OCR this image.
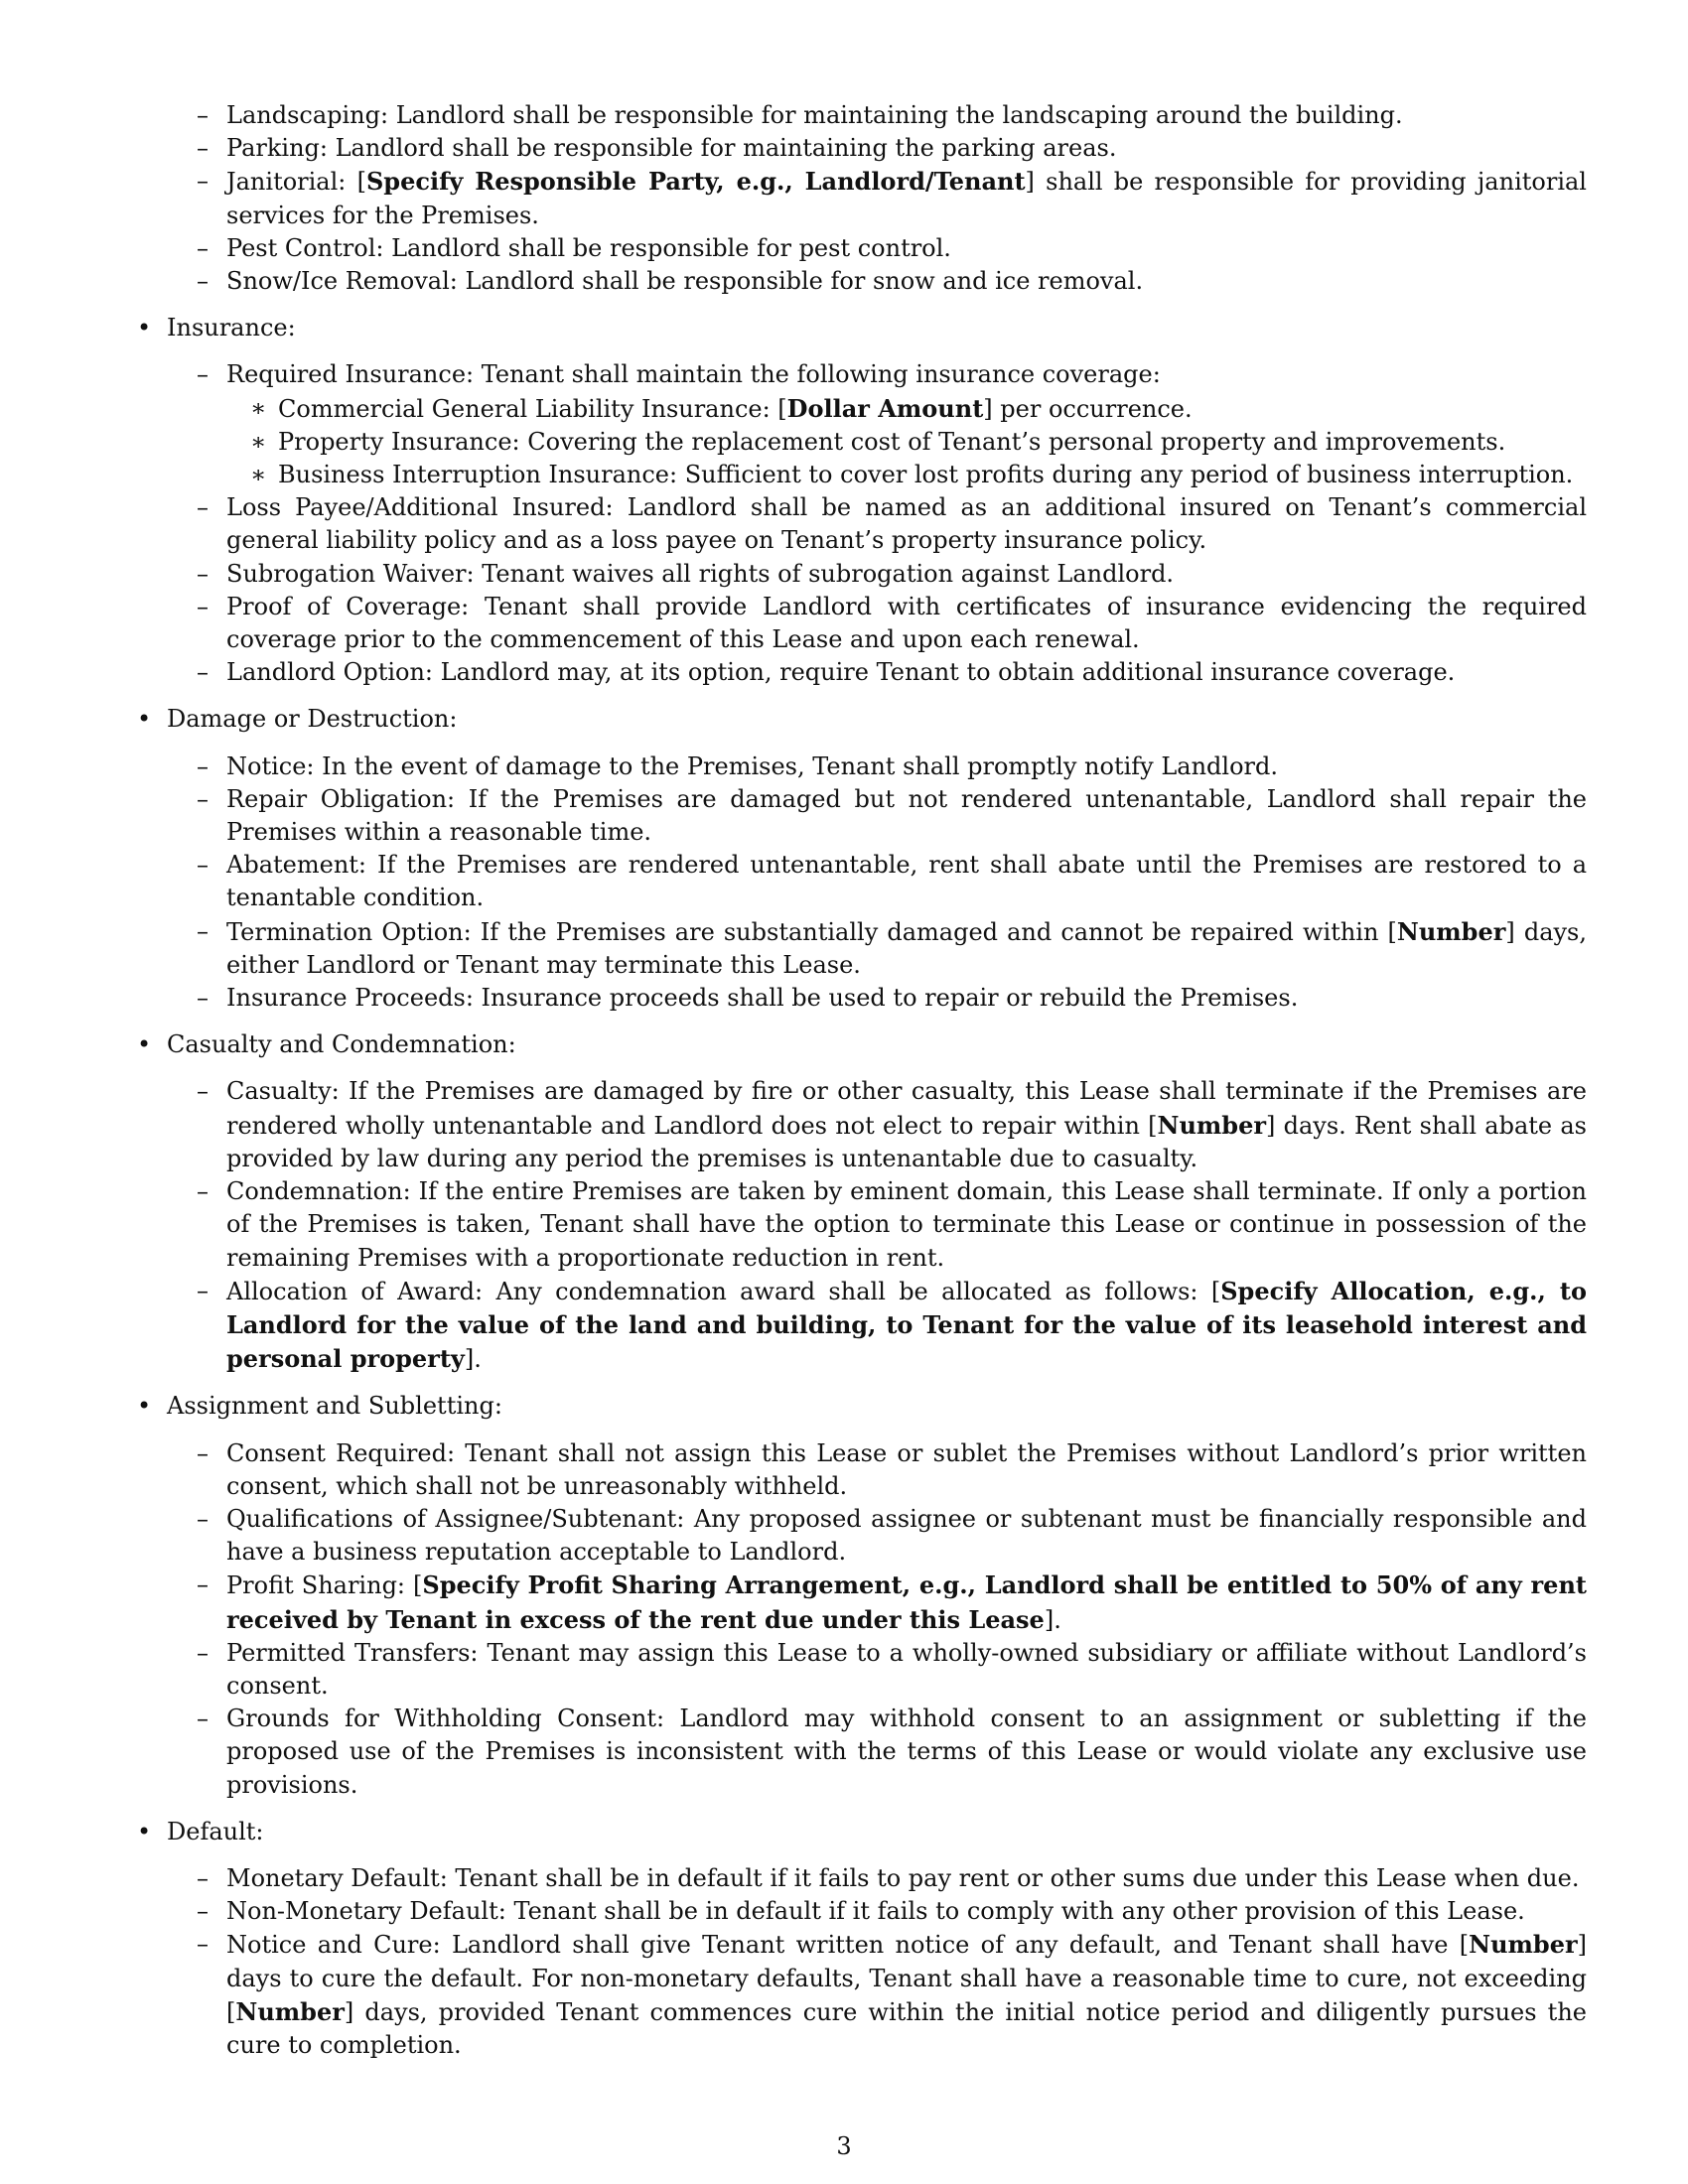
– Landscaping: Landlord shall be responsible for maintaining the landscaping around the building.
– Parking: Landlord shall be responsible for maintaining the parking areas.
– Janitorial: [Specify Responsible Party, e.g., Landlord/Tenant] shall be responsible for providing janitorial services for the Premises.
– Pest Control: Landlord shall be responsible for pest control.
– Snow/Ice Removal: Landlord shall be responsible for snow and ice removal.
• Insurance:
– Required Insurance: Tenant shall maintain the following insurance coverage:
∗ Commercial General Liability Insurance: [Dollar Amount] per occurrence.
∗ Property Insurance: Covering the replacement cost of Tenant’s personal property and improvements.
∗ Business Interruption Insurance: Sufficient to cover lost profits during any period of business interruption.
– Loss Payee/Additional Insured: Landlord shall be named as an additional insured on Tenant’s commercial general liability policy and as a loss payee on Tenant’s property insurance policy.
– Subrogation Waiver: Tenant waives all rights of subrogation against Landlord.
– Proof of Coverage: Tenant shall provide Landlord with certificates of insurance evidencing the required coverage prior to the commencement of this Lease and upon each renewal.
– Landlord Option: Landlord may, at its option, require Tenant to obtain additional insurance coverage.
• Damage or Destruction:
– Notice: In the event of damage to the Premises, Tenant shall promptly notify Landlord.
– Repair Obligation: If the Premises are damaged but not rendered untenantable, Landlord shall repair the Premises within a reasonable time.
– Abatement: If the Premises are rendered untenantable, rent shall abate until the Premises are restored to a tenantable condition.
– Termination Option: If the Premises are substantially damaged and cannot be repaired within [Number] days, either Landlord or Tenant may terminate this Lease.
– Insurance Proceeds: Insurance proceeds shall be used to repair or rebuild the Premises.
• Casualty and Condemnation:
– Casualty: If the Premises are damaged by fire or other casualty, this Lease shall terminate if the Premises are rendered wholly untenantable and Landlord does not elect to repair within [Number] days. Rent shall abate as provided by law during any period the premises is untenantable due to casualty.
– Condemnation: If the entire Premises are taken by eminent domain, this Lease shall terminate. If only a portion of the Premises is taken, Tenant shall have the option to terminate this Lease or continue in possession of the remaining Premises with a proportionate reduction in rent.
– Allocation of Award: Any condemnation award shall be allocated as follows: [Specify Allocation, e.g., to Landlord for the value of the land and building, to Tenant for the value of its leasehold interest and personal property].
• Assignment and Subletting:
– Consent Required: Tenant shall not assign this Lease or sublet the Premises without Landlord’s prior written consent, which shall not be unreasonably withheld.
– Qualifications of Assignee/Subtenant: Any proposed assignee or subtenant must be financially responsible and have a business reputation acceptable to Landlord.
– Profit Sharing: [Specify Profit Sharing Arrangement, e.g., Landlord shall be entitled to 50% of any rent received by Tenant in excess of the rent due under this Lease].
– Permitted Transfers: Tenant may assign this Lease to a wholly-owned subsidiary or affiliate without Landlord’s consent.
– Grounds for Withholding Consent: Landlord may withhold consent to an assignment or subletting if the proposed use of the Premises is inconsistent with the terms of this Lease or would violate any exclusive use provisions.
• Default:
– Monetary Default: Tenant shall be in default if it fails to pay rent or other sums due under this Lease when due.
– Non-Monetary Default: Tenant shall be in default if it fails to comply with any other provision of this Lease.
– Notice and Cure: Landlord shall give Tenant written notice of any default, and Tenant shall have [Number] days to cure the default. For non-monetary defaults, Tenant shall have a reasonable time to cure, not exceeding [Number] days, provided Tenant commences cure within the initial notice period and diligently pursues the cure to completion.
3
